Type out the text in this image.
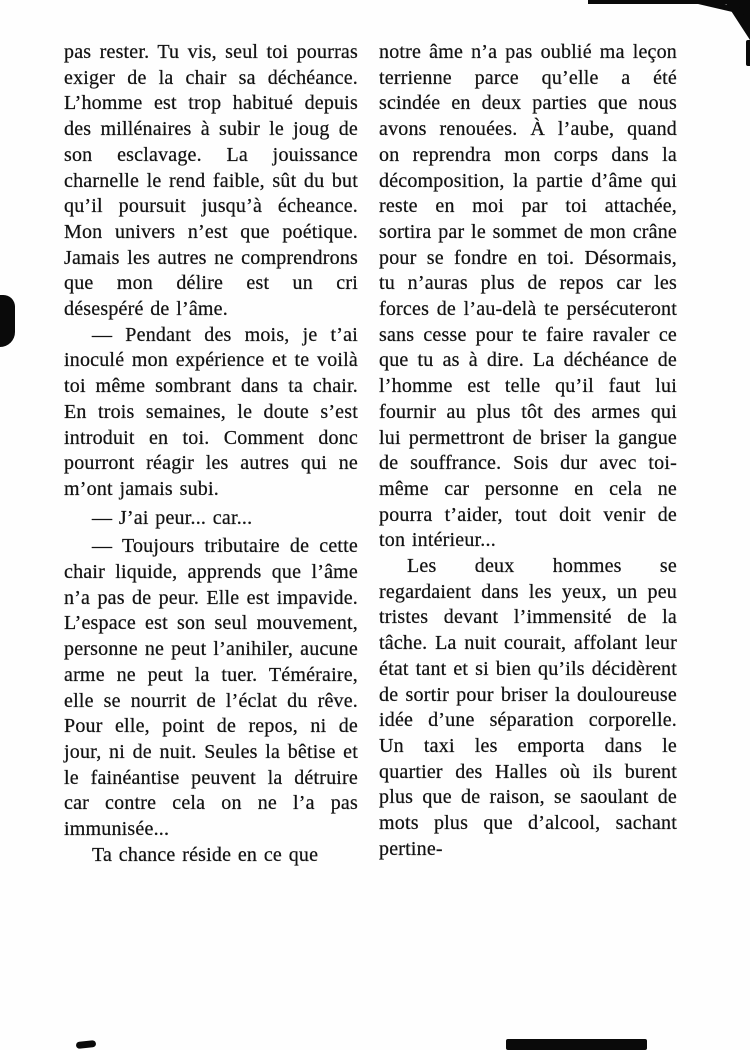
pas rester. Tu vis, seul toi pourras exiger de la chair sa déchéance. L’homme est trop habitué depuis des millénaires à subir le joug de son esclavage. La jouissance charnelle le rend faible, sût du but qu’il poursuit jusqu’à écheance. Mon univers n’est que poétique. Jamais les autres ne comprendrons que mon délire est un cri désespéré de l’âme.

— Pendant des mois, je t’ai inoculé mon expérience et te voilà toi même sombrant dans ta chair. En trois semaines, le doute s’est introduit en toi. Comment donc pourront réagir les autres qui ne m’ont jamais subi.

— J’ai peur... car...

— Toujours tributaire de cette chair liquide, apprends que l’âme n’a pas de peur. Elle est impavide. L’espace est son seul mouvement, personne ne peut l’anihiler, aucune arme ne peut la tuer. Téméraire, elle se nourrit de l’éclat du rêve. Pour elle, point de repos, ni de jour, ni de nuit. Seules la bêtise et le fainéantise peuvent la détruire car contre cela on ne l’a pas immunisée...

Ta chance réside en ce que

notre âme n’a pas oublié ma leçon terrienne parce qu’elle a été scindée en deux parties que nous avons renouées. À l’aube, quand on reprendra mon corps dans la décomposition, la partie d’âme qui reste en moi par toi attachée, sortira par le sommet de mon crâne pour se fondre en toi. Désormais, tu n’auras plus de repos car les forces de l’au-delà te persécuteront sans cesse pour te faire ravaler ce que tu as à dire. La déchéance de l’homme est telle qu’il faut lui fournir au plus tôt des armes qui lui permettront de briser la gangue de souffrance. Sois dur avec toi-même car personne en cela ne pourra t’aider, tout doit venir de ton intérieur...

Les deux hommes se regardaient dans les yeux, un peu tristes devant l’immensité de la tâche. La nuit courait, affolant leur état tant et si bien qu’ils décidèrent de sortir pour briser la douloureuse idée d’une séparation corporelle. Un taxi les emporta dans le quartier des Halles où ils burent plus que de raison, se saoulant de mots plus que d’alcool, sachant pertine-
